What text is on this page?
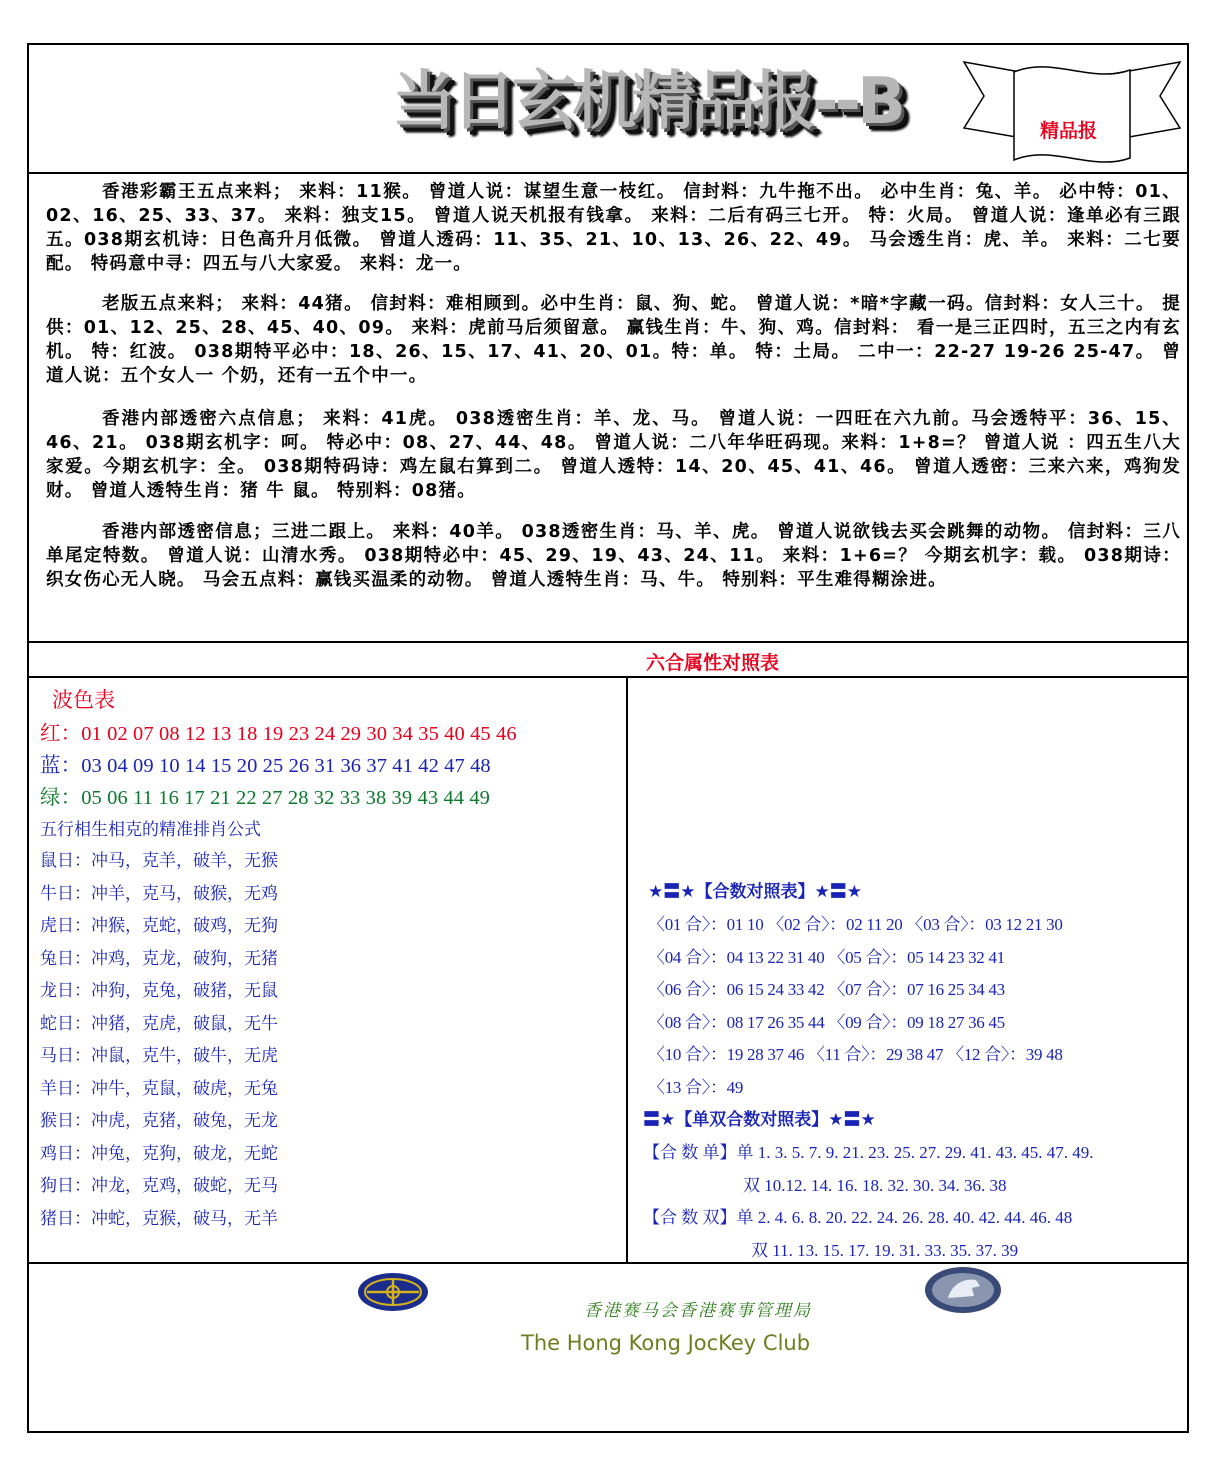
当日玄机精品报--B	精品报

香港彩霸王五点来料； 来料：11猴。 曾道人说：谋望生意一枝红。 信封料：九牛拖不出。 必中生肖：兔、羊。 必中特：01、02、16、25、33、37。 来料：独支15。 曾道人说天机报有钱拿。 来料：二后有码三七开。 特：火局。 曾道人说：逢单必有三跟五。038期玄机诗：日色高升月低微。 曾道人透码：11、35、21、10、13、26、22、49。 马会透生肖：虎、羊。 来料：二七要配。 特码意中寻：四五与八大家爱。 来料：龙一。

老版五点来料； 来料：44猪。 信封料：难相顾到。必中生肖：鼠、狗、蛇。 曾道人说：*暗*字藏一码。信封料：女人三十。 提供：01、12、25、28、45、40、09。 来料：虎前马后须留意。 赢钱生肖：牛、狗、鸡。信封料： 看一是三正四时，五三之内有玄机。 特：红波。 038期特平必中：18、26、15、17、41、20、01。特：单。 特：土局。 二中一：22-27 19-26 25-47。 曾道人说：五个女人一 个奶，还有一五个中一。

香港内部透密六点信息； 来料：41虎。 038透密生肖：羊、龙、马。 曾道人说：一四旺在六九前。马会透特平：36、15、46、21。 038期玄机字：呵。 特必中：08、27、44、48。 曾道人说：二八年华旺码现。来料：1+8=？ 曾道人说 ：四五生八大家爱。今期玄机字：全。 038期特码诗：鸡左鼠右算到二。 曾道人透特：14、20、45、41、46。 曾道人透密：三来六来，鸡狗发财。 曾道人透特生肖：猪 牛 鼠。 特别料：08猪。

香港内部透密信息；三进二跟上。 来料：40羊。 038透密生肖：马、羊、虎。 曾道人说欲钱去买会跳舞的动物。 信封料：三八单尾定特数。 曾道人说：山清水秀。 038期特必中：45、29、19、43、24、11。 来料：1+6=？ 今期玄机字：载。 038期诗：织女伤心无人晓。 马会五点料：赢钱买温柔的动物。 曾道人透特生肖：马、牛。 特别料：平生难得糊涂进。

六合属性对照表
波色表
红：01 02 07 08 12 13 18 19 23 24 29 30 34 35 40 45 46
蓝：03 04 09 10 14 15 20 25 26 31 36 37 41 42 47 48
绿：05 06 11 16 17 21 22 27 28 32 33 38 39 43 44 49
五行相生相克的精准排肖公式
鼠日：冲马，克羊，破羊，无猴
牛日：冲羊，克马，破猴，无鸡
虎日：冲猴，克蛇，破鸡，无狗
兔日：冲鸡，克龙，破狗，无猪
龙日：冲狗，克兔，破猪，无鼠
蛇日：冲猪，克虎，破鼠，无牛
马日：冲鼠，克牛，破牛，无虎
羊日：冲牛，克鼠，破虎，无兔
猴日：冲虎，克猪，破兔，无龙
鸡日：冲兔，克狗，破龙，无蛇
狗日：冲龙，克鸡，破蛇，无马
猪日：冲蛇，克猴，破马，无羊
★〓★【合数对照表】★〓★
〈01 合〉：01 10 〈02 合〉：02 11 20 〈03 合〉：03 12 21 30
〈04 合〉：04 13 22 31 40 〈05 合〉：05 14 23 32 41
〈06 合〉：06 15 24 33 42 〈07 合〉：07 16 25 34 43
〈08 合〉：08 17 26 35 44 〈09 合〉：09 18 27 36 45
〈10 合〉：19 28 37 46 〈11 合〉：29 38 47 〈12 合〉：39 48
〈13 合〉：49
〓★【单双合数对照表】★〓★
【合 数 单】单 1. 3. 5. 7. 9. 21. 23. 25. 27. 29. 41. 43. 45. 47. 49.
双 10.12. 14. 16. 18. 32. 30. 34. 36. 38
【合 数 双】单 2. 4. 6. 8. 20. 22. 24. 26. 28. 40. 42. 44. 46. 48
双 11. 13. 15. 17. 19. 31. 33. 35. 37. 39
香港赛马会香港赛事管理局
The Hong Kong JocKey Club
